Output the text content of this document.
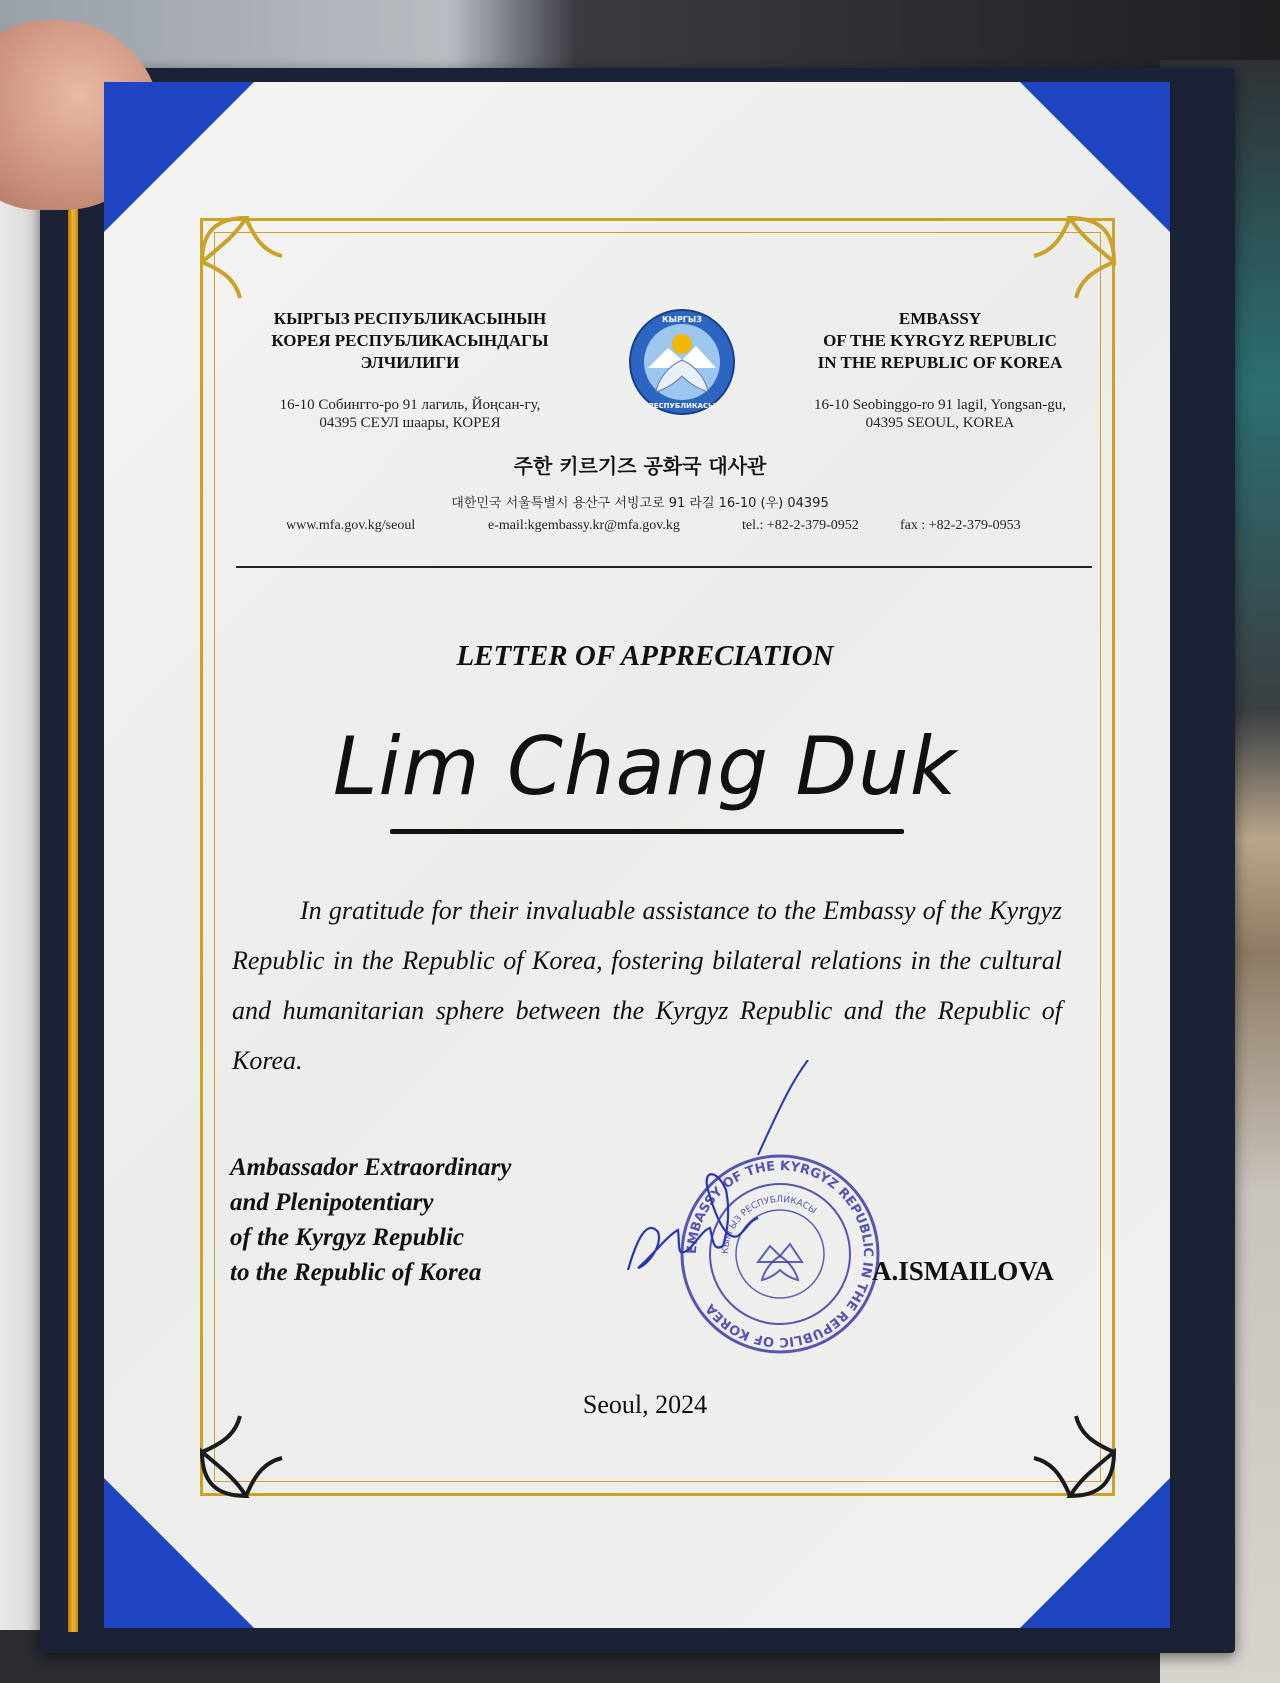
КЫРГЫЗ РЕСПУБЛИКАСЫНЫН
КОРЕЯ РЕСПУБЛИКАСЫНДАГЫ
ЭЛЧИЛИГИ
16-10 Собингго-ро 91 лагиль, Йоңсан-гу,
04395 СЕУЛ шаары, КОРЕЯ
КЫРГЫЗ
РЕСПУБЛИКАСЫ
EMBASSY
OF THE KYRGYZ REPUBLIC
IN THE REPUBLIC OF KOREA
16-10 Seobinggo-ro 91 lagil, Yongsan-gu,
04395 SEOUL, KOREA
주한 키르기즈 공화국 대사관
대한민국 서울특별시 용산구 서빙고로 91 라길 16-10 (우) 04395
www.mfa.gov.kg/seoul	e-mail:kgembassy.kr@mfa.gov.kg	tel.: +82-2-379-0952	fax : +82-2-379-0953
LETTER OF APPRECIATION
Lim Chang Duk
In gratitude for their invaluable assistance to the Embassy of the Kyrgyz Republic in the Republic of Korea, fostering bilateral relations in the cultural and humanitarian sphere between the Kyrgyz Republic and the Republic of Korea.
Ambassador Extraordinary
and Plenipotentiary
of the Kyrgyz Republic
to the Republic of Korea
EMBASSY OF THE KYRGYZ REPUBLIC IN THE REPUBLIC OF KOREA
КЫРГЫЗ РЕСПУБЛИКАСЫ
A.ISMAILOVA
Seoul, 2024
